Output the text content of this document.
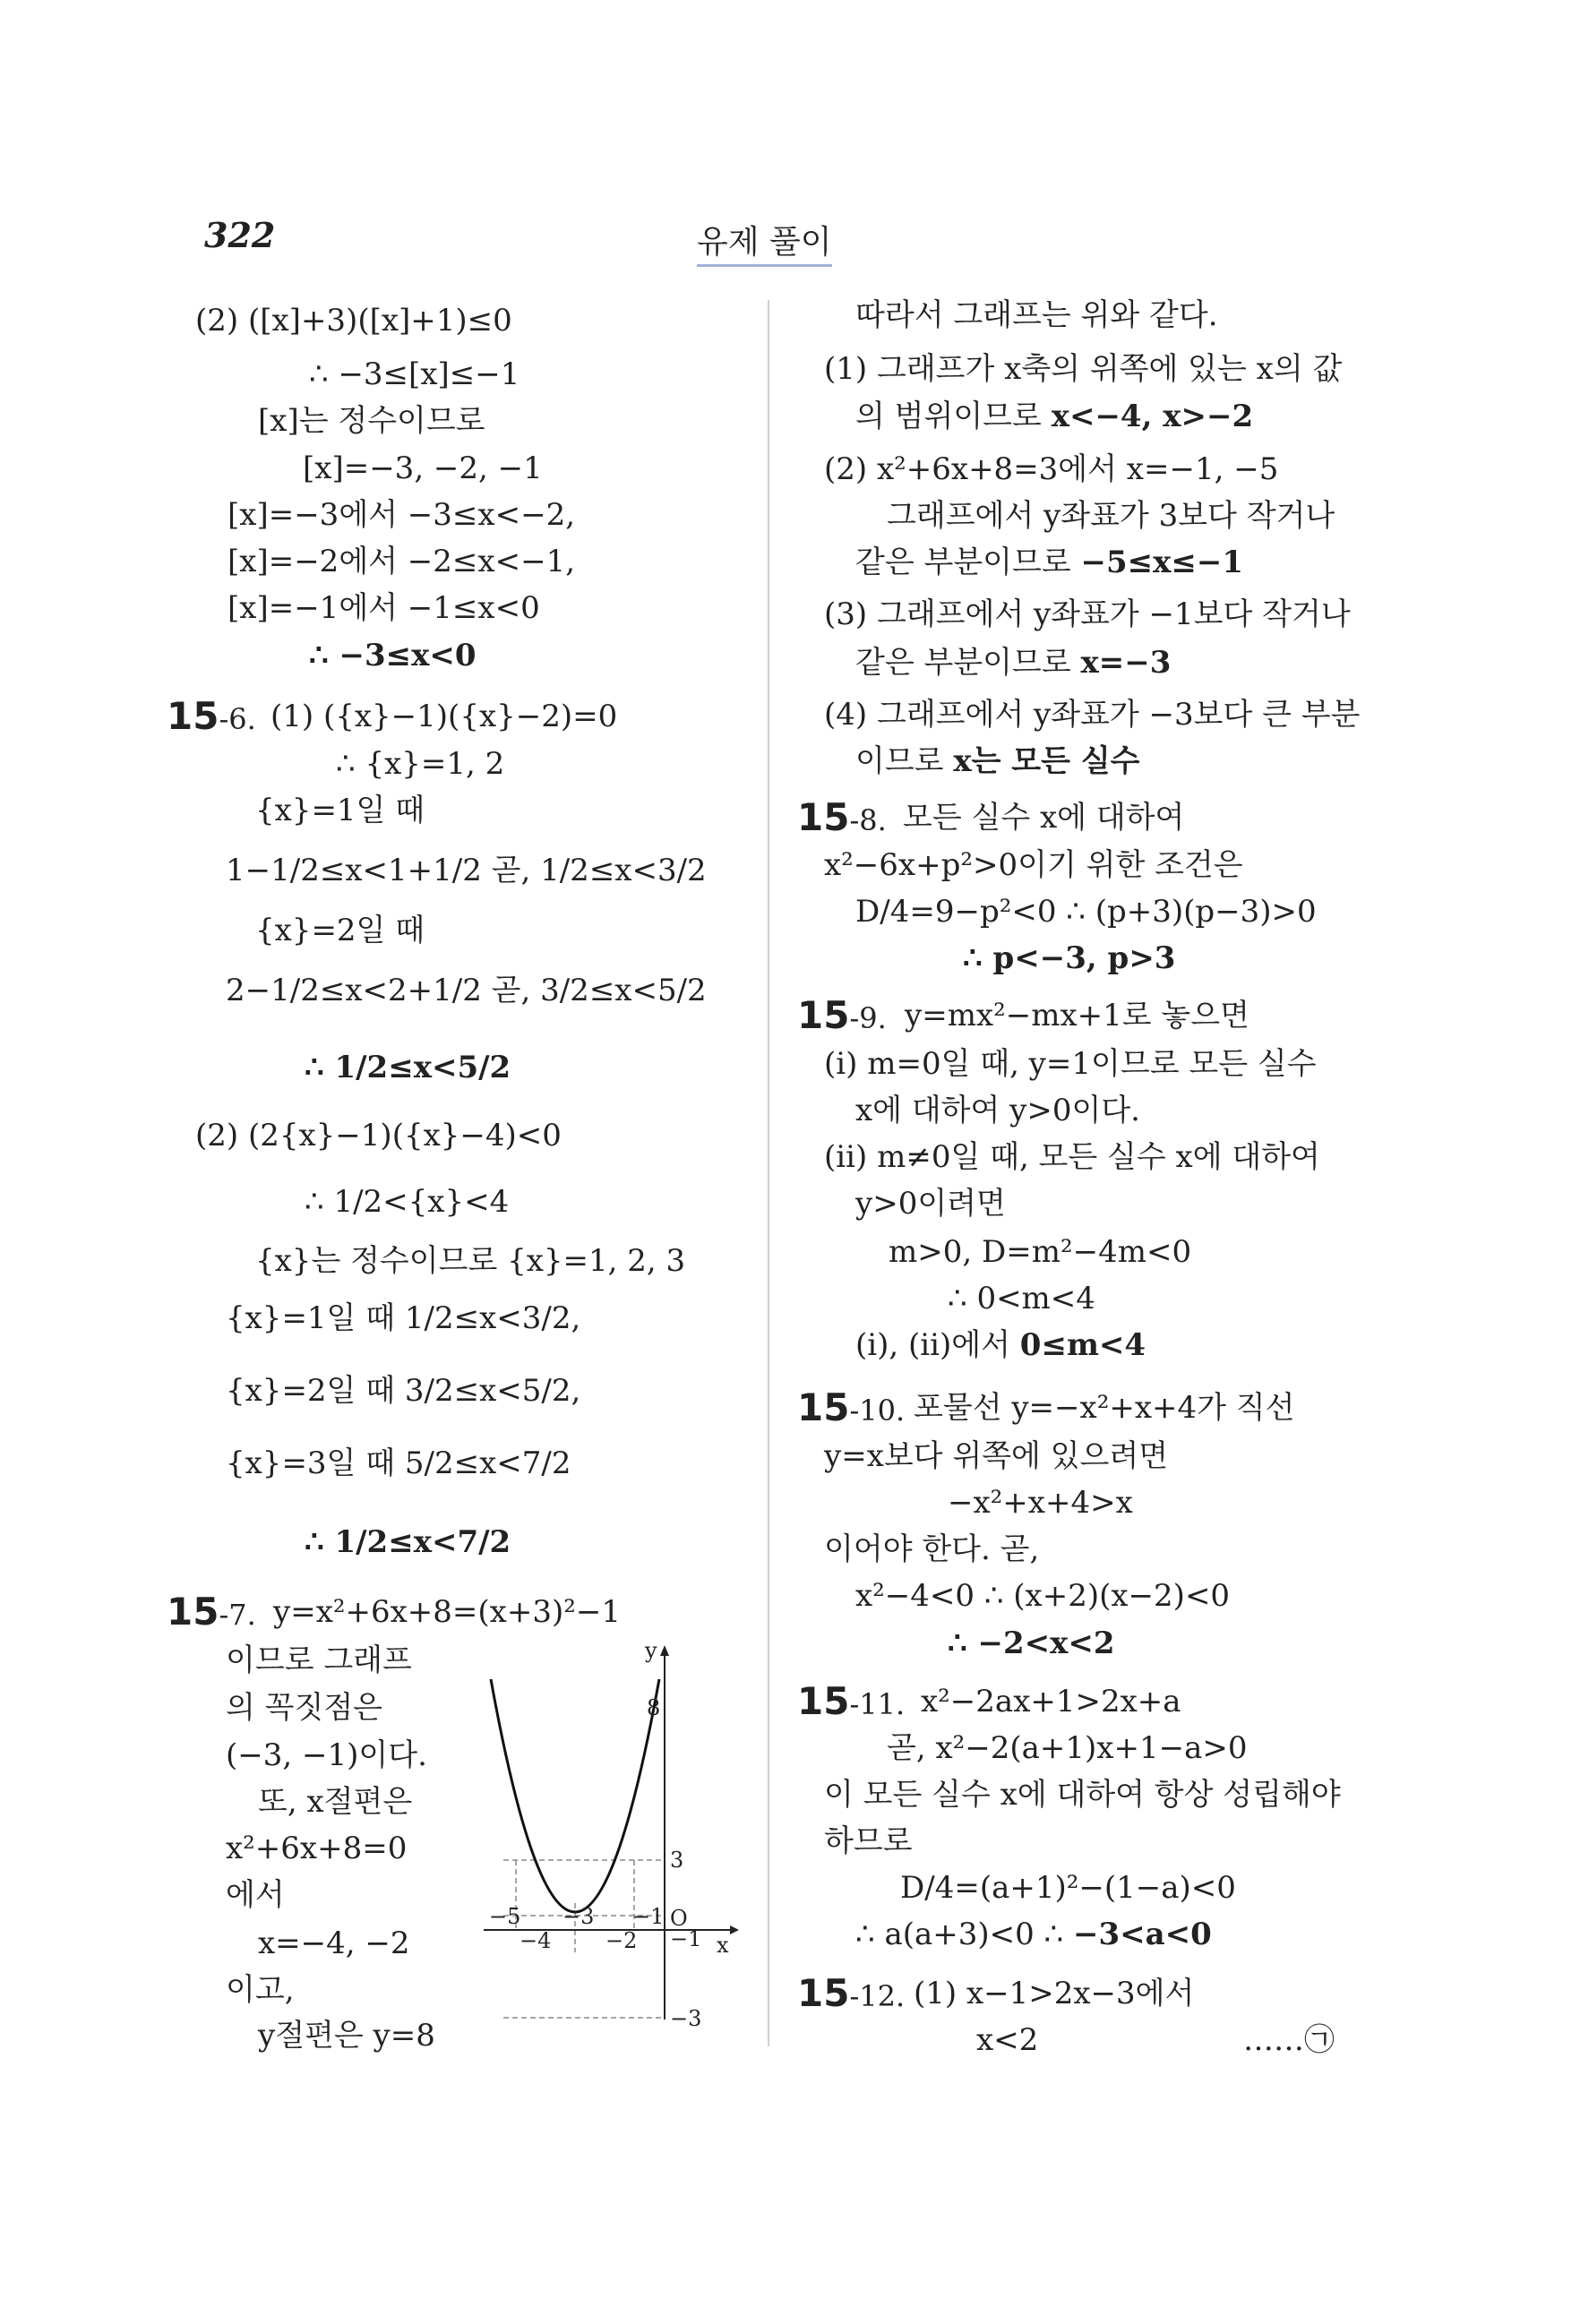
322	유제 풀이
(2) ([x]+3)([x]+1)≤0
∴ −3≤[x]≤−1
[x]는 정수이므로
[x]=−3, −2, −1
[x]=−3에서 −3≤x<−2,
[x]=−2에서 −2≤x<−1,
[x]=−1에서 −1≤x<0
∴ −3≤x<0
15-6. (1) ({x}−1)({x}−2)=0
∴ {x}=1, 2
{x}=1일 때
1−1/2≤x<1+1/2 곧, 1/2≤x<3/2
{x}=2일 때
2−1/2≤x<2+1/2 곧, 3/2≤x<5/2
∴ 1/2≤x<5/2
(2) (2{x}−1)({x}−4)<0
∴ 1/2<{x}<4
{x}는 정수이므로 {x}=1, 2, 3
{x}=1일 때 1/2≤x<3/2,
{x}=2일 때 3/2≤x<5/2,
{x}=3일 때 5/2≤x<7/2
∴ 1/2≤x<7/2
15-7. y=x²+6x+8=(x+3)²−1
이므로 그래프
의 꼭짓점은
(−3, −1)이다.
또, x절편은
x²+6x+8=0
에서
x=−4, −2
이고,
y절편은 y=8
y
x
O
8
3
−1
−3
−5
−4
−3
−2
−1
따라서 그래프는 위와 같다.
(1) 그래프가 x축의 위쪽에 있는 x의 값
의 범위이므로 x<−4, x>−2
(2) x²+6x+8=3에서 x=−1, −5
그래프에서 y좌표가 3보다 작거나
같은 부분이므로 −5≤x≤−1
(3) 그래프에서 y좌표가 −1보다 작거나
같은 부분이므로 x=−3
(4) 그래프에서 y좌표가 −3보다 큰 부분
이므로 x는 모든 실수
15-8. 모든 실수 x에 대하여
x²−6x+p²>0이기 위한 조건은
D/4=9−p²<0 ∴ (p+3)(p−3)>0
∴ p<−3, p>3
15-9. y=mx²−mx+1로 놓으면
(i) m=0일 때, y=1이므로 모든 실수
x에 대하여 y>0이다.
(ii) m≠0일 때, 모든 실수 x에 대하여
y>0이려면
m>0, D=m²−4m<0
∴ 0<m<4
(i), (ii)에서 0≤m<4
15-10. 포물선 y=−x²+x+4가 직선
y=x보다 위쪽에 있으려면
−x²+x+4>x
이어야 한다. 곧,
x²−4<0 ∴ (x+2)(x−2)<0
∴ −2<x<2
15-11. x²−2ax+1>2x+a
곧, x²−2(a+1)x+1−a>0
이 모든 실수 x에 대하여 항상 성립해야
하므로
D/4=(a+1)²−(1−a)<0
∴ a(a+3)<0 ∴ −3<a<0
15-12. (1) x−1>2x−3에서
x<2	……㉠
